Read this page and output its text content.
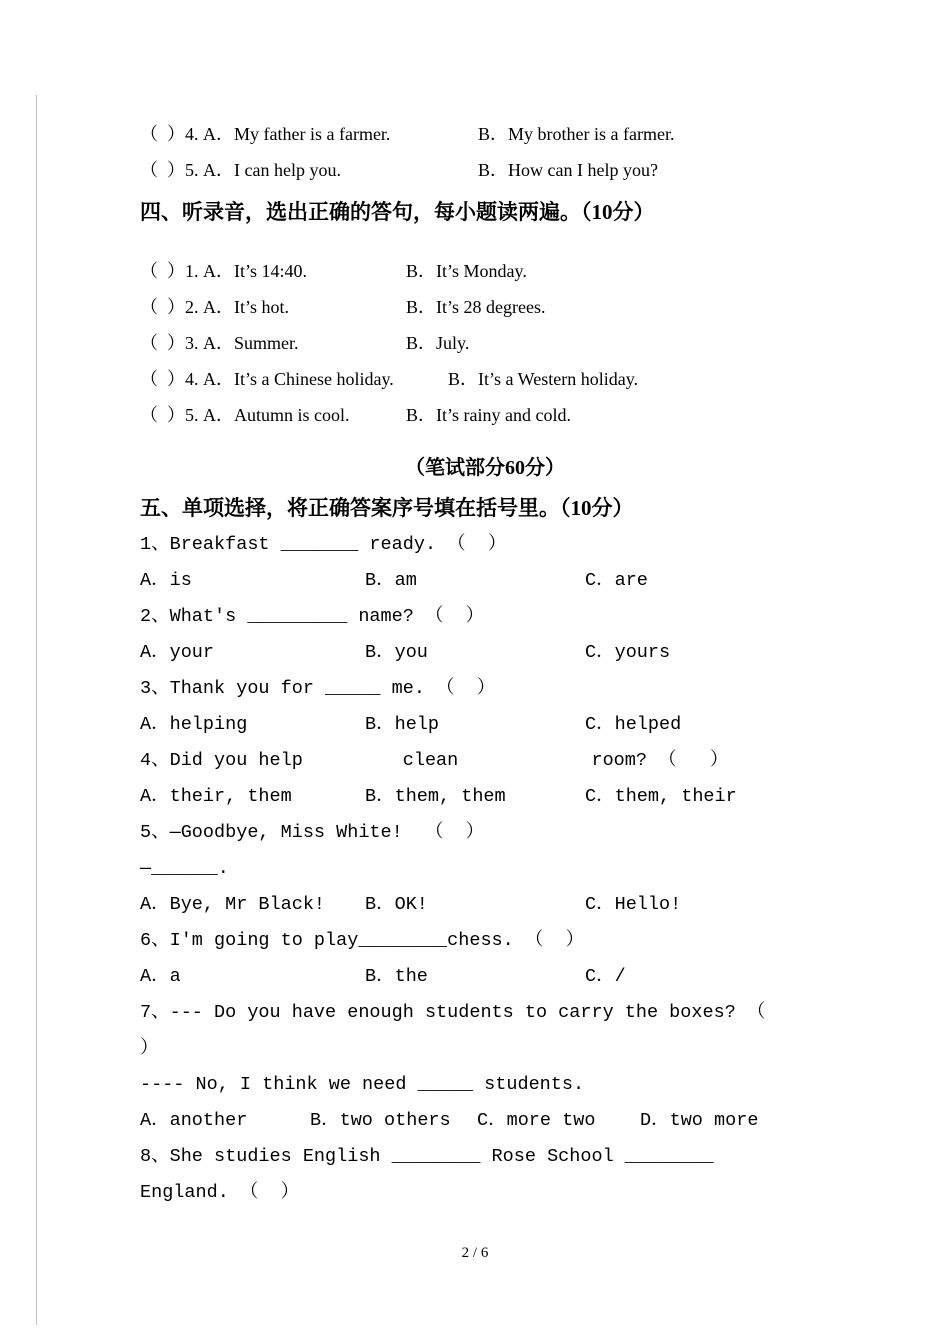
（  ）4. A．My father is a farmer.	B．My brother is a farmer.
（  ）5. A．I can help you.	B．How can I help you?
四、听录音，选出正确的答句，每小题读两遍。（10分）
（  ）1. A．It’s 14:40.	B．It’s Monday.
（  ）2. A．It’s hot.	B．It’s 28 degrees.
（  ）3. A．Summer.	B．July.
（  ）4. A．It’s a Chinese holiday.	B．It’s a Western holiday.
（  ）5. A．Autumn is cool.	B．It’s rainy and cold.
（笔试部分60分）
五、单项选择，将正确答案序号填在括号里。（10分）
1、Breakfast _______ ready. （  ）
A．is	B．am	C．are
2、What's _________ name? （  ）
A．your	B．you	C．yours
3、Thank you for _____ me. （  ）
A．helping	B．help	C．helped
4、Did you help         clean            room? （   ）
A．their, them	B．them, them	C．them, their
5、—Goodbye, Miss White!  （  ）
—______.
A．Bye, Mr Black!	B．OK!	C．Hello!
6、I'm going to play________chess. （  ）
A．a	B．the	C．/
7、--- Do you have enough students to carry the boxes? （
）
---- No, I think we need _____ students.
A．another	B．two others	C．more two	D．two more
8、She studies English ________ Rose School ________
England. （  ）
2 / 6
